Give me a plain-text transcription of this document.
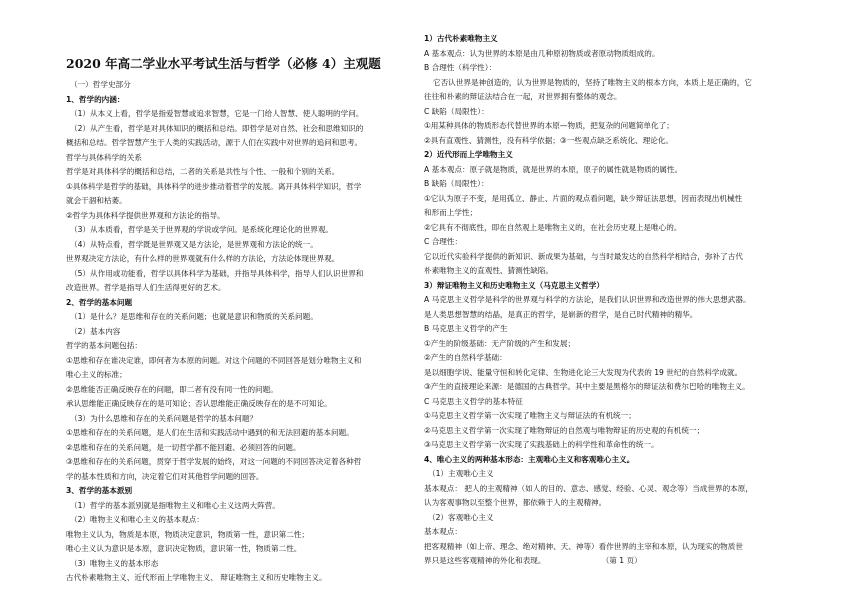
2020 年高二学业水平考试生活与哲学（必修 4）主观题
（一）哲学史部分
1、哲学的内涵：
（1）从本义上看，哲学是指爱智慧或追求智慧，它是一门给人智慧、使人聪明的学问。
（2）从产生看，哲学是对具体知识的概括和总结。即哲学是对自然、社会和思维知识的
概括和总结。哲学智慧产生于人类的实践活动，源于人们在实践中对世界的追问和思考。
哲学与具体科学的关系
哲学是对具体科学的概括和总结，二者的关系是共性与个性、一般和个别的关系。
①具体科学是哲学的基础，具体科学的进步推动着哲学的发展。离开具体科学知识，哲学
就会干涸和枯萎。
②哲学为具体科学提供世界观和方法论的指导。
（3）从本质看，哲学是关于世界观的学说或学问。是系统化理论化的世界观。
（4）从特点看，哲学既是世界观又是方法论，是世界观和方法论的统一。
世界观决定方法论，有什么样的世界观就有什么样的方法论，方法论体现世界观。
（5）从作用或功能看，哲学以具体科学为基础，并指导具体科学，指导人们认识世界和
改造世界。哲学是指导人们生活得更好的艺术。
2、哲学的基本问题
（1）是什么？是思维和存在的关系问题；也就是意识和物质的关系问题。
（2）基本内容
哲学的基本问题包括：
①思维和存在谁决定谁，即何者为本原的问题。对这个问题的不同回答是划分唯物主义和
唯心主义的标准；
②思维能否正确反映存在的问题，即二者有没有同一性的问题。
承认思维能正确反映存在的是可知论；否认思维能正确反映存在的是不可知论。
（3）为什么思维和存在的关系问题是哲学的基本问题？
①思维和存在的关系问题，是人们在生活和实践活动中遇到的和无法回避的基本问题。
②思维和存在的关系问题，是一切哲学都不能回避、必须回答的问题。
③思维和存在的关系问题，贯穿于哲学发展的始终，对这一问题的不同回答决定着各种哲
学的基本性质和方向，决定着它们对其他哲学问题的回答。
3、哲学的基本派别
（1）哲学的基本派别就是指唯物主义和唯心主义这两大阵营。
（2）唯物主义和唯心主义的基本观点：
唯物主义认为，物质是本原，物质决定意识，物质第一性，意识第二性；
唯心主义认为意识是本原，意识决定物质，意识第一性，物质第二性。
（3）唯物主义的基本形态
古代朴素唯物主义、近代形而上学唯物主义、 辩证唯物主义和历史唯物主义。
1）古代朴素唯物主义
A 基本观点：认为世界的本原是由几种原初物质或者原动物质组成的。
B 合理性（科学性）：
它否认世界是神创造的，认为世界是物质的，坚持了唯物主义的根本方向，本质上是正确的，它
往往和朴素的辩证法结合在一起，对世界拥有整体的观念。
C 缺陷（局限性）：
①用某种具体的物质形态代替世界的本原—物质，把复杂的问题简单化了；
②具有直观性、猜测性，没有科学依据；③一些观点缺乏系统化、理论化。
2）近代形而上学唯物主义
A 基本观点：原子就是物质，就是世界的本原，原子的属性就是物质的属性。
B 缺陷（局限性）：
①它认为原子不变，是用孤立、静止、片面的观点看问题，缺少辩证法思想，因而表现出机械性
和形而上学性；
②它具有不彻底性，即在自然观上是唯物主义的，在社会历史观上是唯心的。
C 合理性：
它以近代实验科学提供的新知识、新成果为基础，与当时最发达的自然科学相结合，弥补了古代
朴素唯物主义的直观性、猜测性缺陷。
3）辩证唯物主义和历史唯物主义（马克思主义哲学）
A 马克思主义哲学是科学的世界观与科学的方法论，是我们认识世界和改造世界的伟大思想武器。
是人类思想智慧的结晶，是真正的哲学，是崭新的哲学，是自己时代精神的精华。
B 马克思主义哲学的产生
①产生的阶级基础：无产阶级的产生和发展；
②产生的自然科学基础：
是以细胞学说、能量守恒和转化定律、生物进化论三大发现为代表的 19 世纪的自然科学成就。
③产生的直接理论来源：是德国的古典哲学。其中主要是黑格尔的辩证法和费尔巴哈的唯物主义。
C 马克思主义哲学的基本特征
①马克思主义哲学第一次实现了唯物主义与辩证法的有机统一；
②马克思主义哲学第一次实现了唯物辩证的自然观与唯物辩证的历史观的有机统一；
③马克思主义哲学第一次实现了实践基础上的科学性和革命性的统一。
4、唯心主义的两种基本形态：主观唯心主义和客观唯心主义。
（1）主观唯心主义
基本观点： 把人的主观精神（如人的目的、意志、感觉、经验、心灵、观念等）当成世界的本原，
认为客观事物以至整个世界，都依赖于人的主观精神。
（2）客观唯心主义
基本观点：
把客观精神（如上帝、理念、绝对精神、天、神等）看作世界的主宰和本原，认为现实的物质世
界只是这些客观精神的外化和表现。	（第 1 页）
